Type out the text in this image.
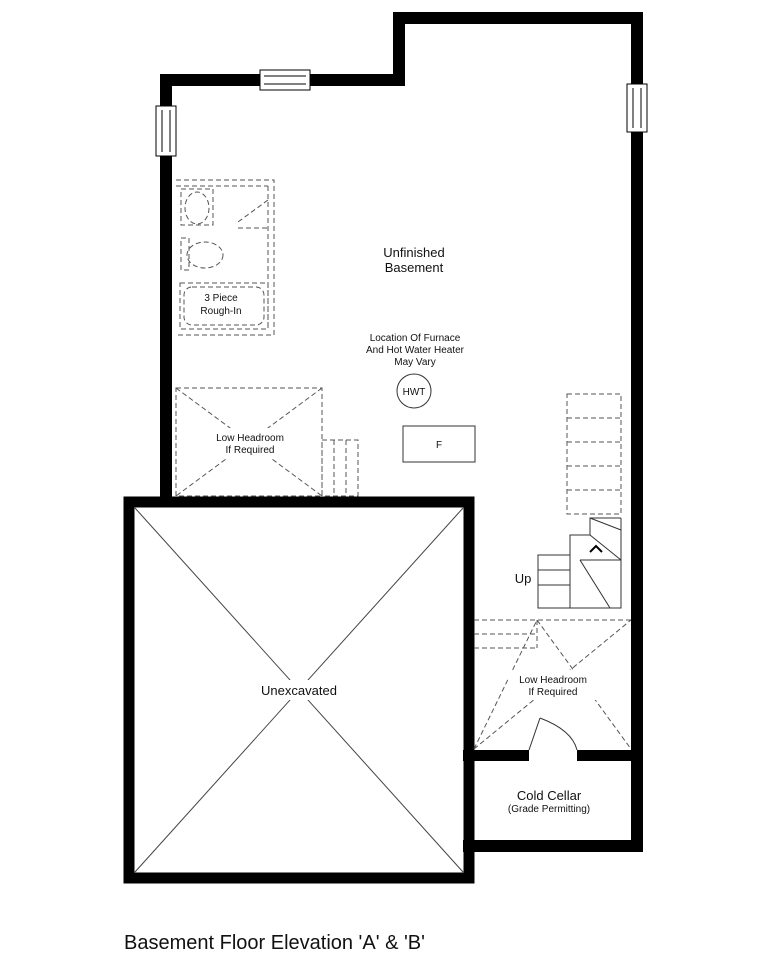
Unfinished
Basement
3 Piece
Rough-In
Location Of Furnace
And Hot Water Heater
May Vary
HWT
F
Low Headroom
If Required
Up
Low Headroom
If Required
Unexcavated
Cold Cellar
(Grade Permitting)
Basement Floor Elevation 'A' & 'B'
